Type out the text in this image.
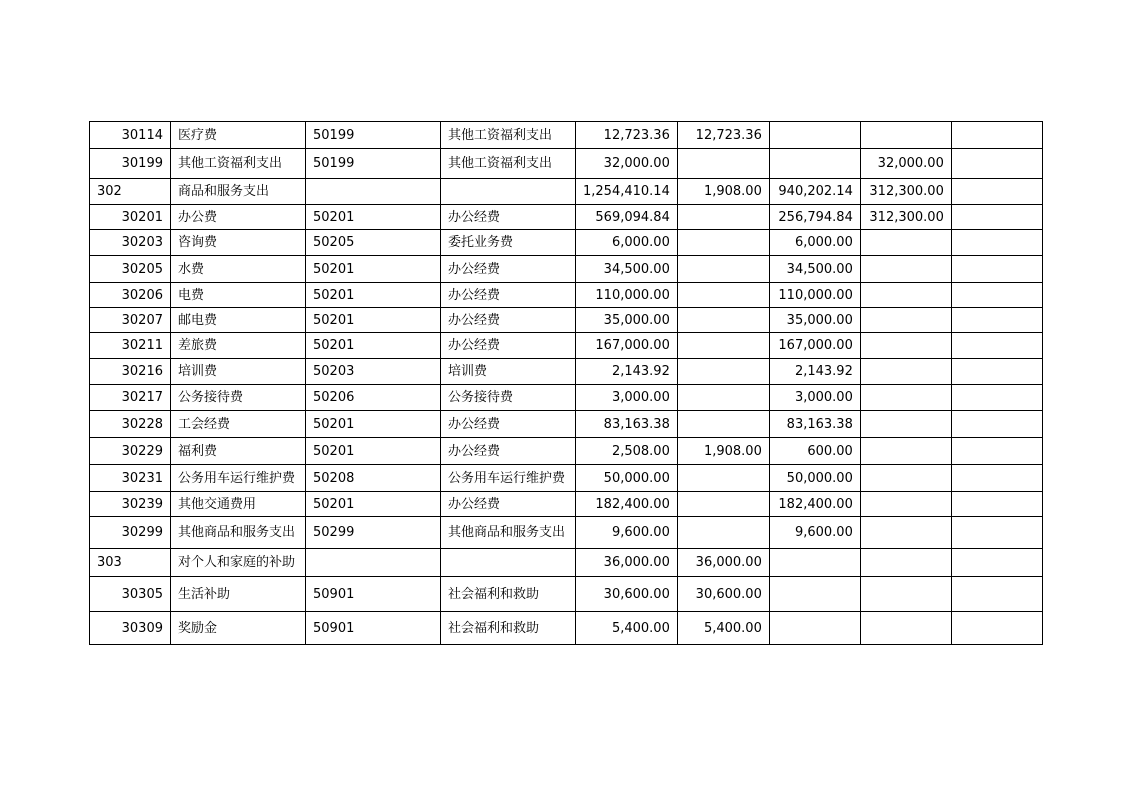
30114	医疗费	50199	其他工资福利支出	12,723.36	12,723.36			
30199	其他工资福利支出	50199	其他工资福利支出	32,000.00			32,000.00	
302	商品和服务支出			1,254,410.14	1,908.00	940,202.14	312,300.00	
30201	办公费	50201	办公经费	569,094.84		256,794.84	312,300.00	
30203	咨询费	50205	委托业务费	6,000.00		6,000.00		
30205	水费	50201	办公经费	34,500.00		34,500.00		
30206	电费	50201	办公经费	110,000.00		110,000.00		
30207	邮电费	50201	办公经费	35,000.00		35,000.00		
30211	差旅费	50201	办公经费	167,000.00		167,000.00		
30216	培训费	50203	培训费	2,143.92		2,143.92		
30217	公务接待费	50206	公务接待费	3,000.00		3,000.00		
30228	工会经费	50201	办公经费	83,163.38		83,163.38		
30229	福利费	50201	办公经费	2,508.00	1,908.00	600.00		
30231	公务用车运行维护费	50208	公务用车运行维护费	50,000.00		50,000.00		
30239	其他交通费用	50201	办公经费	182,400.00		182,400.00		
30299	其他商品和服务支出	50299	其他商品和服务支出	9,600.00		9,600.00		
303	对个人和家庭的补助			36,000.00	36,000.00			
30305	生活补助	50901	社会福利和救助	30,600.00	30,600.00			
30309	奖励金	50901	社会福利和救助	5,400.00	5,400.00			
